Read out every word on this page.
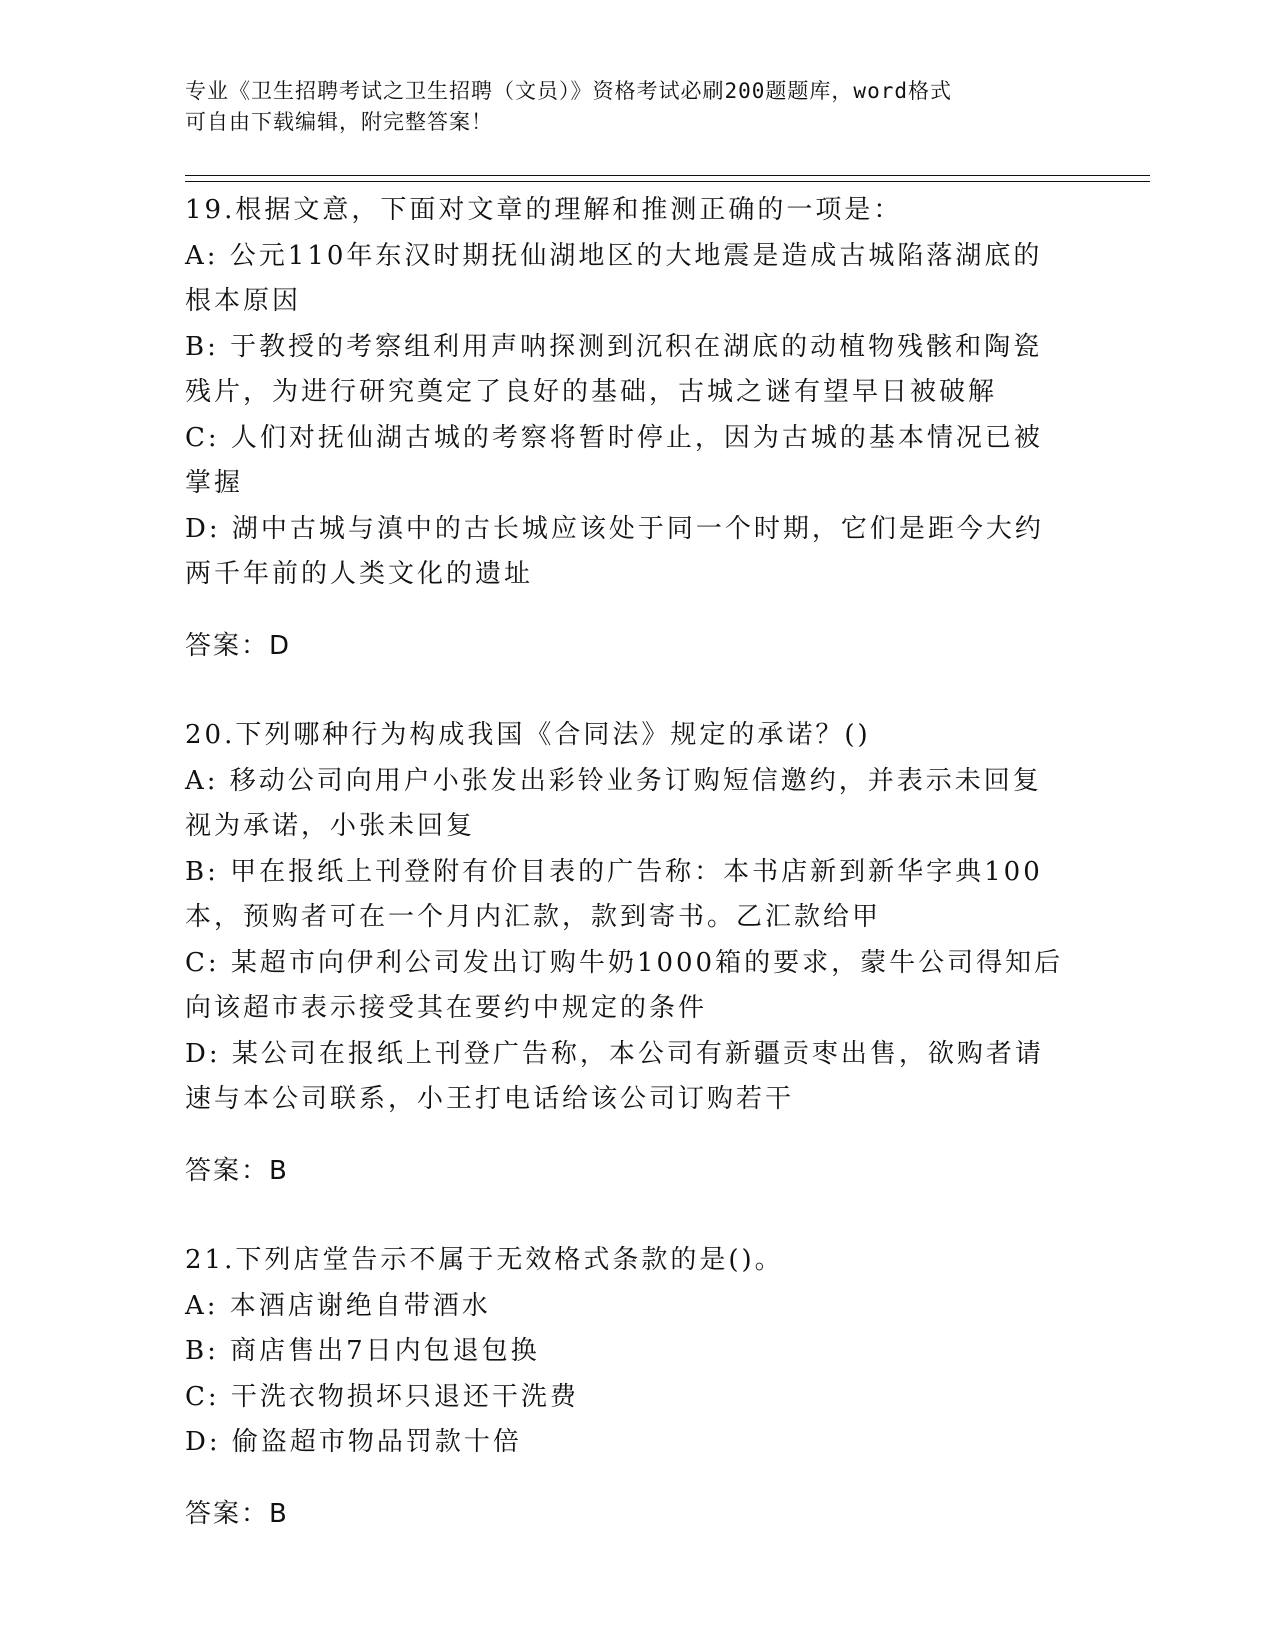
专业《卫生招聘考试之卫生招聘（文员）》资格考试必刷200题题库，word格式
可自由下载编辑，附完整答案！

19.根据文意，下面对文章的理解和推测正确的一项是：

A: 公元110年东汉时期抚仙湖地区的大地震是造成古城陷落湖底的根本原因

B: 于教授的考察组利用声呐探测到沉积在湖底的动植物残骸和陶瓷残片，为进行研究奠定了良好的基础，古城之谜有望早日被破解

C: 人们对抚仙湖古城的考察将暂时停止，因为古城的基本情况已被掌握

D: 湖中古城与滇中的古长城应该处于同一个时期，它们是距今大约两千年前的人类文化的遗址

答案：D

20.下列哪种行为构成我国《合同法》规定的承诺？()

A: 移动公司向用户小张发出彩铃业务订购短信邀约，并表示未回复视为承诺，小张未回复

B: 甲在报纸上刊登附有价目表的广告称：本书店新到新华字典100本，预购者可在一个月内汇款，款到寄书。乙汇款给甲

C: 某超市向伊利公司发出订购牛奶1000箱的要求，蒙牛公司得知后向该超市表示接受其在要约中规定的条件

D: 某公司在报纸上刊登广告称，本公司有新疆贡枣出售，欲购者请速与本公司联系，小王打电话给该公司订购若干

答案：B

21.下列店堂告示不属于无效格式条款的是()。

A: 本酒店谢绝自带酒水

B: 商店售出7日内包退包换

C: 干洗衣物损坏只退还干洗费

D: 偷盗超市物品罚款十倍

答案：B
